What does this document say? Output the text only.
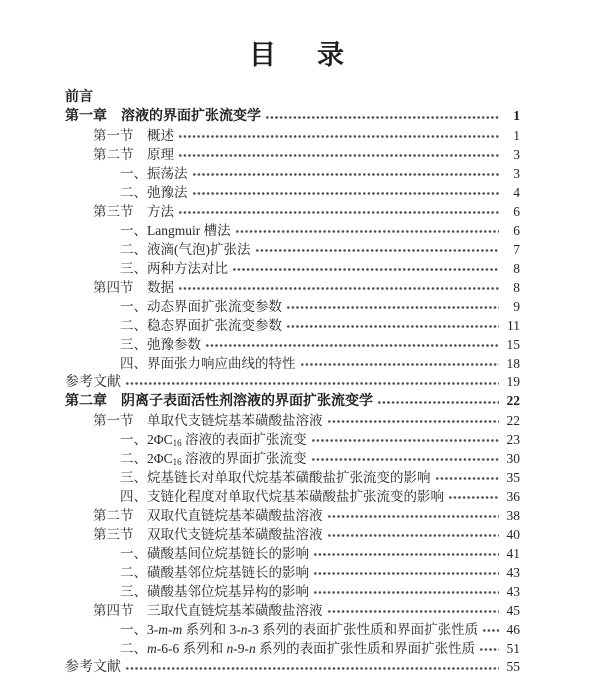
目　录
前言
第一章　溶液的界面扩张流变学	1
第一节　概述	1
第二节　原理	3
一、振荡法	3
二、弛豫法	4
第三节　方法	6
一、Langmuir 槽法	6
二、液滴(气泡)扩张法	7
三、两种方法对比	8
第四节　数据	8
一、动态界面扩张流变参数	9
二、稳态界面扩张流变参数	11
三、弛豫参数	15
四、界面张力响应曲线的特性	18
参考文献	19
第二章　阴离子表面活性剂溶液的界面扩张流变学	22
第一节　单取代支链烷基苯磺酸盐溶液	22
一、$2\Phi C_{16}$ 溶液的表面扩张流变	23
二、$2\Phi C_{16}$ 溶液的界面扩张流变	30
三、烷基链长对单取代烷基苯磺酸盐扩张流变的影响	35
四、支链化程度对单取代烷基苯磺酸盐扩张流变的影响	36
第二节　双取代直链烷基苯磺酸盐溶液	38
第三节　双取代支链烷基苯磺酸盐溶液	40
一、磺酸基间位烷基链长的影响	41
二、磺酸基邻位烷基链长的影响	43
三、磺酸基邻位烷基异构的影响	43
第四节　三取代直链烷基苯磺酸盐溶液	45
一、3-m-m 系列和 3-n-3 系列的表面扩张性质和界面扩张性质	46
二、m-6-6 系列和 n-9-n 系列的表面扩张性质和界面扩张性质	51
参考文献	55
